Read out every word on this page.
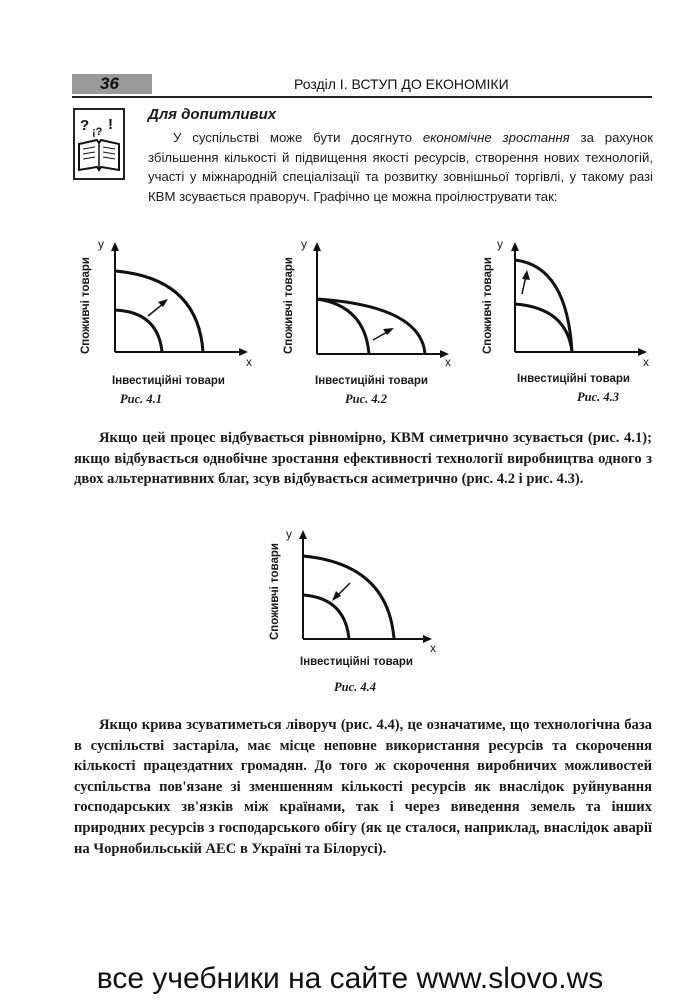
36	Розділ І. ВСТУП ДО ЕКОНОМІКИ
? ¡? !
Для допитливих

У суспільстві може бути досягнуто економічне зростання за рахунок збільшення кількості й підвищення якості ресурсів, створення нових технологій, участі у міжнародній спеціалізації та розвитку зовнішньої торгівлі, у такому разі КВМ зсувається праворуч. Графічно це можна проілюструвати так:

y
x
Споживчі товари
Інвестиційні товари
Рис. 4.1
y
x
Споживчі товари
Інвестиційні товари
Рис. 4.2
y
x
Споживчі товари
Інвестиційні товари
Рис. 4.3

Якщо цей процес відбувається рівномірно, КВМ симетрично зсувається (рис. 4.1); якщо відбувається однобічне зростання ефективності технології виробництва одного з двох альтернативних благ, зсув відбувається асиметрично (рис. 4.2 і рис. 4.3).

y
x
Споживчі товари
Інвестиційні товари
Рис. 4.4

Якщо крива зсуватиметься ліворуч (рис. 4.4), це означатиме, що технологічна база в суспільстві застаріла, має місце неповне використання ресурсів та скорочення кількості працездатних громадян. До того ж скорочення виробничих можливостей суспільства пов'язане зі зменшенням кількості ресурсів як внаслідок руйнування господарських зв'язків між країнами, так і через виведення земель та інших природних ресурсів з господарського обігу (як це сталося, наприклад, внаслідок аварії на Чорнобильській АЕС в Україні та Білорусі).

все учебники на сайте www.slovo.ws
